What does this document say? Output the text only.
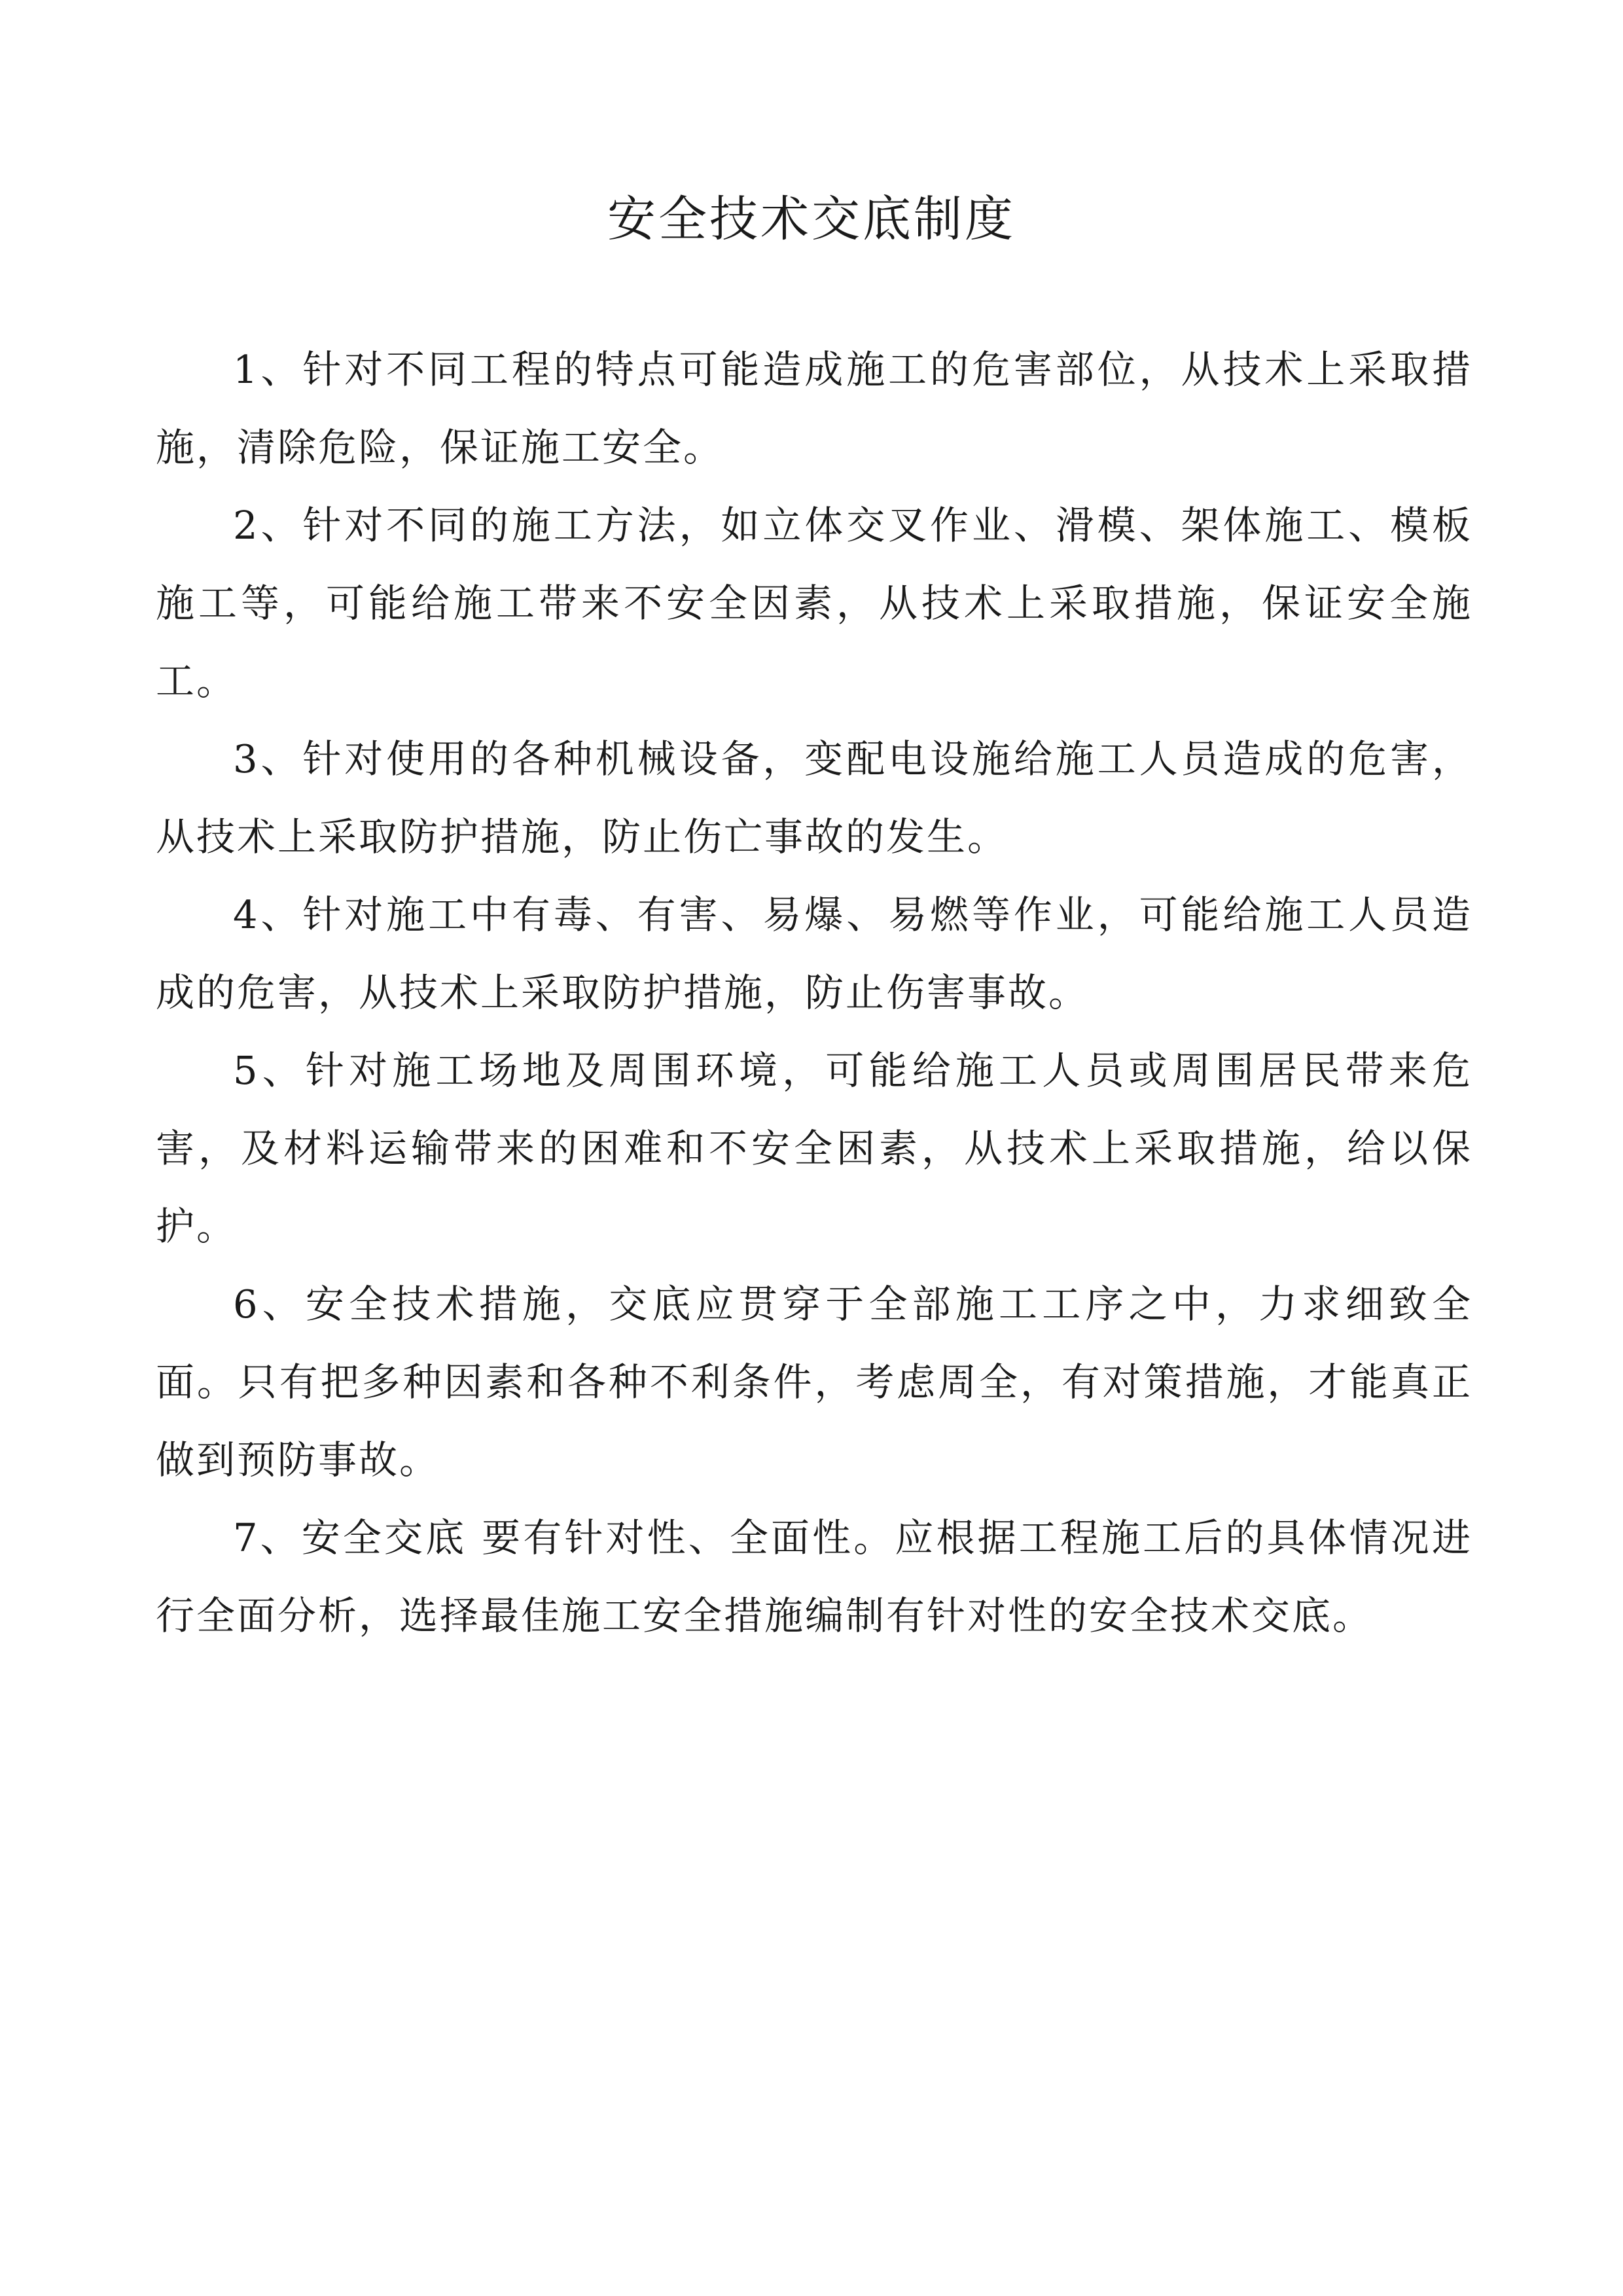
安全技术交底制度

1、针对不同工程的特点可能造成施工的危害部位，从技术上采取措施，清除危险，保证施工安全。

2、针对不同的施工方法，如立体交叉作业、滑模、架体施工、模板施工等，可能给施工带来不安全因素，从技术上采取措施，保证安全施工。

3、针对使用的各种机械设备，变配电设施给施工人员造成的危害，从技术上采取防护措施，防止伤亡事故的发生。

4、针对施工中有毒、有害、易爆、易燃等作业，可能给施工人员造成的危害，从技术上采取防护措施，防止伤害事故。

5、针对施工场地及周围环境，可能给施工人员或周围居民带来危害，及材料运输带来的困难和不安全困素，从技术上采取措施，给以保护。

6、安全技术措施，交底应贯穿于全部施工工序之中，力求细致全面。只有把多种因素和各种不利条件，考虑周全，有对策措施，才能真正做到预防事故。

7、安全交底 要有针对性、全面性。应根据工程施工后的具体情况进行全面分析，选择最佳施工安全措施编制有针对性的安全技术交底。
